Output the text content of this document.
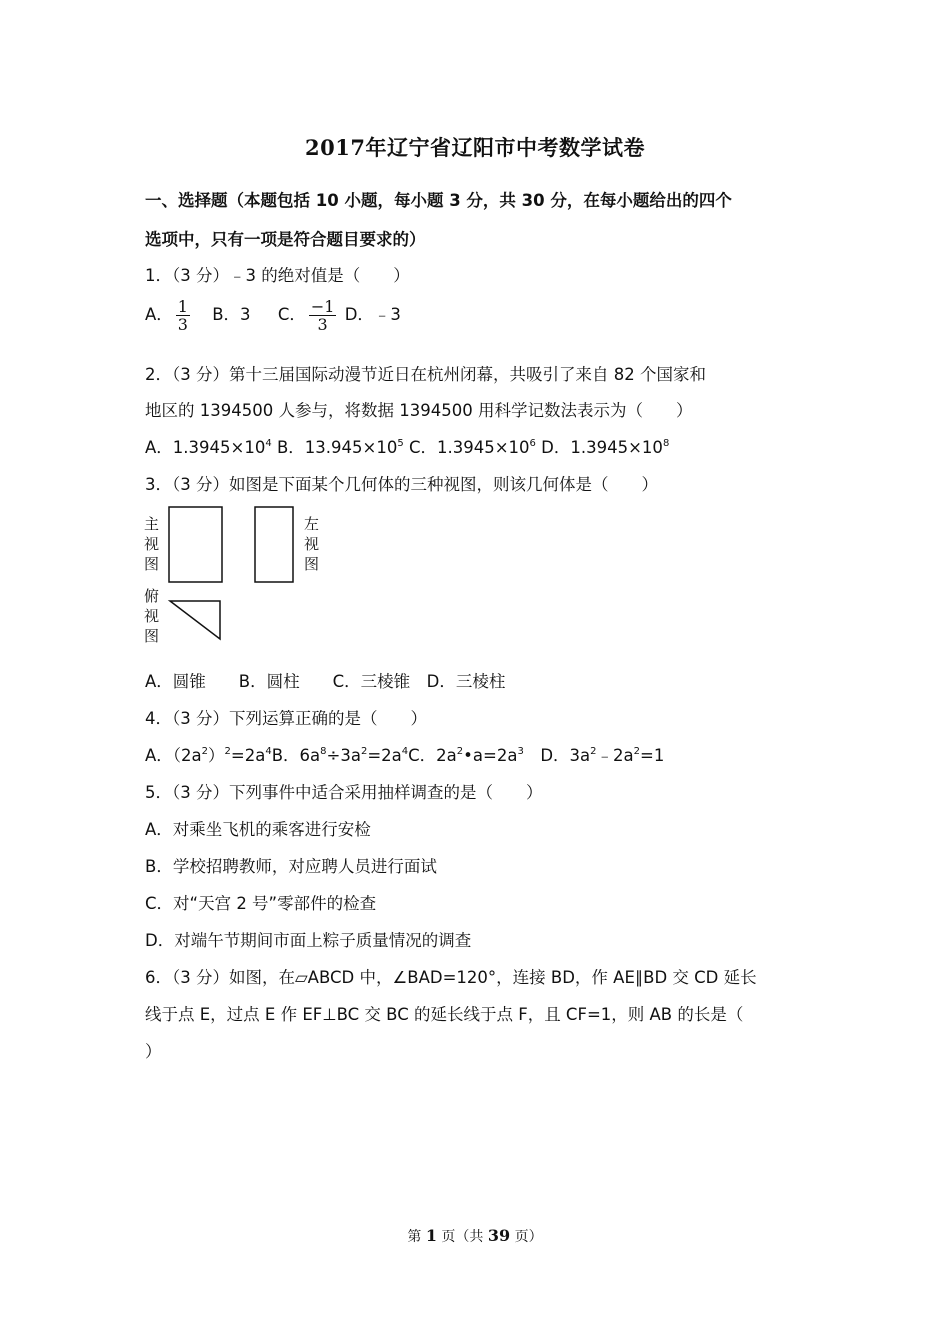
2017年辽宁省辽阳市中考数学试卷
一、选择题（本题包括 10 小题，每小题 3 分，共 30 分，在每小题给出的四个
选项中，只有一项是符合题目要求的）
1．（3 分）﹣3 的绝对值是（　　）
A． $\frac{1}{3}$ B．3 C． $\frac{-1}{3}$ D．﹣3
2．（3 分）第十三届国际动漫节近日在杭州闭幕，共吸引了来自 82 个国家和
地区的 1394500 人参与，将数据 1394500 用科学记数法表示为（　　）
A．$1.3945\times 10^4$ B．$13.945\times 10^5$ C．$1.3945\times 10^6$ D．$1.3945\times 10^8$
3．（3 分）如图是下面某个几何体的三种视图，则该几何体是（　　）
主
视
图
左
视
图
俯
视
图
A．圆锥　　B．圆柱　　C．三棱锥　D．三棱柱
4．（3 分）下列运算正确的是（　　）
A．$(2a^2)^2=2a^4B$．$6a^8\div 3a^2=2a^4C$．$2a^2•a=2a^3$　D．$3a^2﹣2a^2=1$
5．（3 分）下列事件中适合采用抽样调查的是（　　）
A．对乘坐飞机的乘客进行安检
B．学校招聘教师，对应聘人员进行面试
C．对“天宫 2 号”零部件的检查
D．对端午节期间市面上粽子质量情况的调查
6．（3 分）如图，在▱ABCD 中，∠BAD=120°，连接 BD，作 AE∥BD 交 CD 延长
线于点 E，过点 E 作 EF⊥BC 交 BC 的延长线于点 F，且 CF=1，则 AB 的长是（
）
第 1 页（共 39 页）
